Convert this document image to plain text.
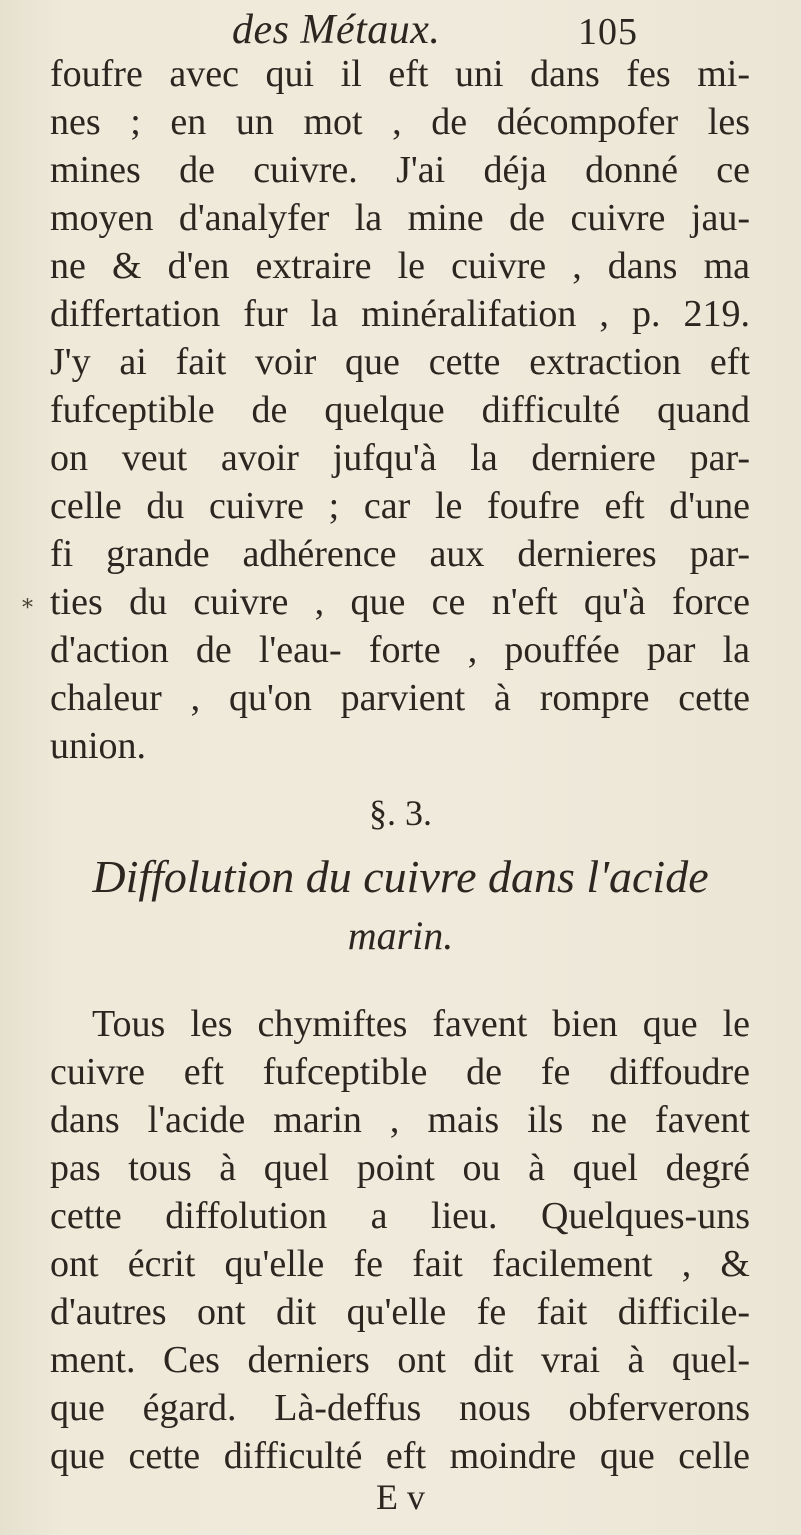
des Métaux.	105
*
foufre avec qui il eft uni dans fes mi-
nes ; en un mot , de décompofer les
mines de cuivre. J'ai déja donné ce
moyen d'analyfer la mine de cuivre jau-
ne & d'en extraire le cuivre , dans ma
differtation fur la minéralifation , p. 219.
J'y ai fait voir que cette extraction eft
fufceptible de quelque difficulté quand
on veut avoir jufqu'à la derniere par-
celle du cuivre ; car le foufre eft d'une
fi grande adhérence aux dernieres par-
ties du cuivre , que ce n'eft qu'à force
d'action de l'eau- forte , pouffée par la
chaleur , qu'on parvient à rompre cette
union.
§. 3.
Diffolution du cuivre dans l'acide
marin.
Tous les chymiftes favent bien que le
cuivre eft fufceptible de fe diffoudre
dans l'acide marin , mais ils ne favent
pas tous à quel point ou à quel degré
cette diffolution a lieu. Quelques-uns
ont écrit qu'elle fe fait facilement , &
d'autres ont dit qu'elle fe fait difficile-
ment. Ces derniers ont dit vrai à quel-
que égard. Là-deffus nous obferverons
que cette difficulté eft moindre que celle
E v
